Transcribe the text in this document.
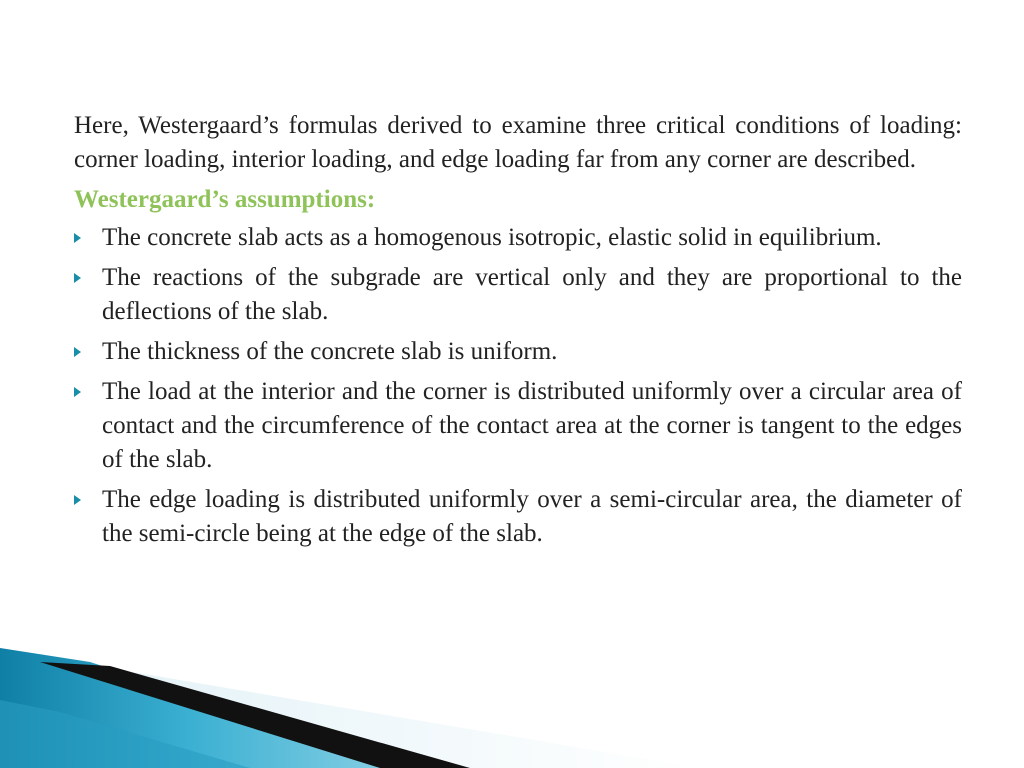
Here, Westergaard’s formulas derived to examine three critical conditions of loading: corner loading, interior loading, and edge loading far from any corner are described.

Westergaard’s assumptions:
The concrete slab acts as a homogenous isotropic, elastic solid in equilibrium.
The reactions of the subgrade are vertical only and they are proportional to the deflections of the slab.
The thickness of the concrete slab is uniform.
The load at the interior and the corner is distributed uniformly over a circular area of contact and the circumference of the contact area at the corner is tangent to the edges of the slab.
The edge loading is distributed uniformly over a semi-circular area, the diameter of the semi-circle being at the edge of the slab.
